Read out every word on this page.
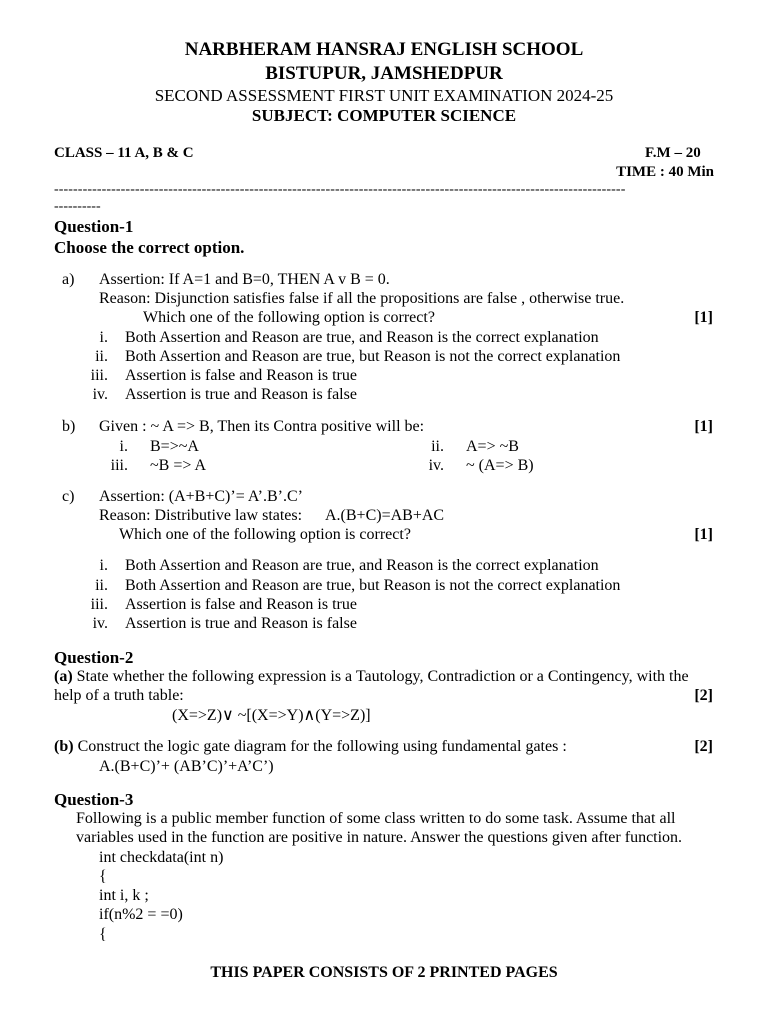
NARBHERAM HANSRAJ ENGLISH SCHOOL
BISTUPUR, JAMSHEDPUR
SECOND ASSESSMENT FIRST UNIT EXAMINATION 2024-25
SUBJECT: COMPUTER SCIENCE
CLASS – 11 A, B & C	F.M – 20
TIME : 40 Min
------------------------------------------------------------------------------------------------------------------------
----------
Question-1
Choose the correct option.
a) Assertion: If A=1 and B=0, THEN A v B = 0.
Reason: Disjunction satisfies false if all the propositions are false , otherwise true.
Which one of the following option is correct?	[1]
i. Both Assertion and Reason are true, and Reason is the correct explanation
ii. Both Assertion and Reason are true, but Reason is not the correct explanation
iii. Assertion is false and Reason is true
iv. Assertion is true and Reason is false
b) Given : ~ A => B, Then its Contra positive will be:	[1]
i. B=>~A	ii. A=> ~B
iii. ~B => A	iv. ~ (A=> B)
c) Assertion: (A+B+C)’= A’.B’.C’
Reason: Distributive law states: A.(B+C)=AB+AC
Which one of the following option is correct?	[1]
i. Both Assertion and Reason are true, and Reason is the correct explanation
ii. Both Assertion and Reason are true, but Reason is not the correct explanation
iii. Assertion is false and Reason is true
iv. Assertion is true and Reason is false
Question-2
(a) State whether the following expression is a Tautology, Contradiction or a Contingency, with the
help of a truth table:	[2]
(X=>Z)∨ ~[(X=>Y)∧(Y=>Z)]
(b) Construct the logic gate diagram for the following using fundamental gates :	[2]
A.(B+C)’+ (AB’C)’+A’C’)
Question-3
Following is a public member function of some class written to do some task. Assume that all
variables used in the function are positive in nature. Answer the questions given after function.
int checkdata(int n)
{
int i, k ;
if(n%2 = =0)
{
THIS PAPER CONSISTS OF 2 PRINTED PAGES
